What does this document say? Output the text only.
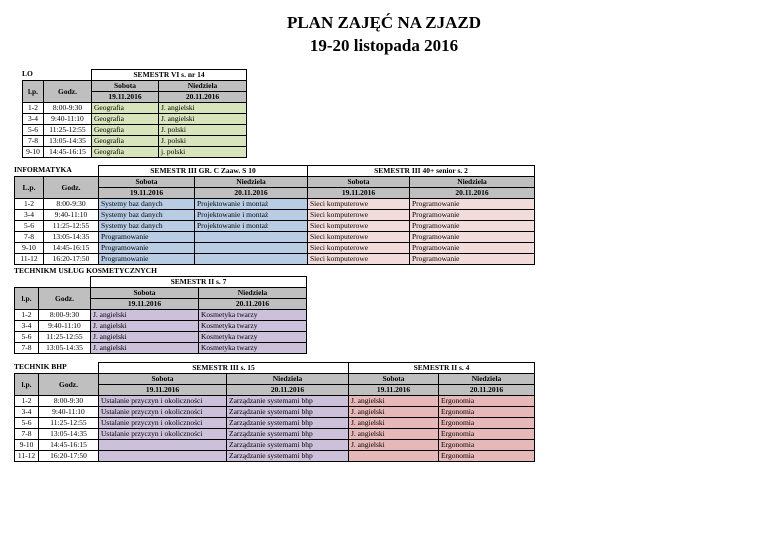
PLAN ZAJĘĆ NA ZJAZD
19-20 listopada 2016
LO
			SEMESTR VI s. nr 14	
l.p.	Godz.	Sobota	Niedziela
		19.11.2016	20.11.2016
1-2	8:00-9:30	Geografia	J. angielski
3-4	9:40-11:10	Geografia	J. angielski
5-6	11:25-12:55	Geografia	J. polski
7-8	13:05-14:35	Geografia	J. polski
9-10	14:45-16:15	Geografia	j. polski
INFORMATYKA
			SEMESTR III GR. C Zaaw. S 10		SEMESTR III 40+ senior s. 2	
L.p.	Godz.	Sobota	Niedziela	Sobota	Niedziela
		19.11.2016	20.11.2016	19.11.2016	20.11.2016
1-2	8:00-9:30	Systemy baz danych	Projektowanie i montaż	Sieci komputerowe	Programowanie
3-4	9:40-11:10	Systemy baz danych	Projektowanie i montaż	Sieci komputerowe	Programowanie
5-6	11:25-12:55	Systemy baz danych	Projektowanie i montaż	Sieci komputerowe	Programowanie
7-8	13:05-14:35	Programowanie		Sieci komputerowe	Programowanie
9-10	14:45-16:15	Programowanie		Sieci komputerowe	Programowanie
11-12	16:20-17:50	Programowanie		Sieci komputerowe	Programowanie
TECHNIKM USŁUG KOSMETYCZNYCH
		SEMESTR II s. 7	
l.p.	Godz.	Sobota	Niedziela
		19.11.2016	20.11.2016
1-2	8:00-9:30	J. angielski	Kosmetyka twarzy
3-4	9:40-11:10	J. angielski	Kosmetyka twarzy
5-6	11:25-12:55	J. angielski	Kosmetyka twarzy
7-8	13:05-14:35	J. angielski	Kosmetyka twarzy
TECHNIK BHP
			SEMESTR III s. 15		SEMESTR II s. 4	
l.p.	Godz.	Sobota	Niedziela	Sobota	Niedziela
		19.11.2016	20.11.2016	19.11.2016	20.11.2016
1-2	8:00-9:30	Ustalanie przyczyn i okoliczności	Zarządzanie systemami bhp	J. angielski	Ergonomia
3-4	9:40-11:10	Ustalanie przyczyn i okoliczności	Zarządzanie systemami bhp	J. angielski	Ergonomia
5-6	11:25-12:55	Ustalanie przyczyn i okoliczności	Zarządzanie systemami bhp	J. angielski	Ergonomia
7-8	13:05-14:35	Ustalanie przyczyn i okoliczności	Zarządzanie systemami bhp	J. angielski	Ergonomia
9-10	14:45-16:15		Zarządzanie systemami bhp	J. angielski	Ergonomia
11-12	16:20-17:50		Zarządzanie systemami bhp		Ergonomia
